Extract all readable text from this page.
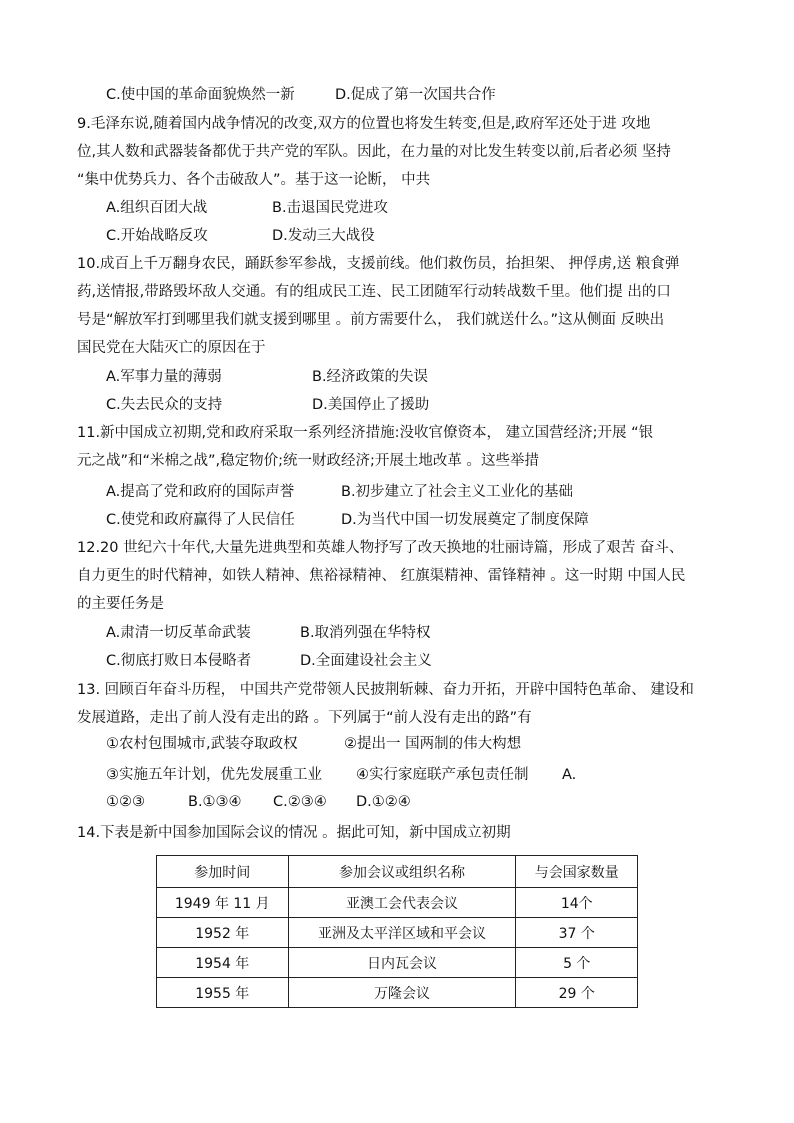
C.使中国的革命面貌焕然一新	D.促成了第一次国共合作
9.毛泽东说,随着国内战争情况的改变,双方的位置也将发生转变,但是,政府军还处于进 攻地
位,其人数和武器装备都优于共产党的军队。因此，在力量的对比发生转变以前,后者必须 坚持
“集中优势兵力、各个击破敌人”。基于这一论断， 中共
A.组织百团大战	B.击退国民党进攻
C.开始战略反攻	D.发动三大战役
10.成百上千万翻身农民，踊跃参军参战，支援前线。他们救伤员，抬担架、 押俘虏,送 粮食弹
药,送情报,带路毁坏敌人交通。有的组成民工连、民工团随军行动转战数千里。他们提 出的口
号是“解放军打到哪里我们就支援到哪里 。前方需要什么， 我们就送什么。”这从侧面 反映出
国民党在大陆灭亡的原因在于
A.军事力量的薄弱	B.经济政策的失误
C.失去民众的支持	D.美国停止了援助
11.新中国成立初期,党和政府采取一系列经济措施:没收官僚资本， 建立国营经济;开展 “银
元之战”和“米棉之战”,稳定物价;统一财政经济;开展土地改革 。这些举措
A.提高了党和政府的国际声誉	B.初步建立了社会主义工业化的基础
C.使党和政府赢得了人民信任	D.为当代中国一切发展奠定了制度保障
12.20 世纪六十年代,大量先进典型和英雄人物抒写了改天换地的壮丽诗篇，形成了艰苦 奋斗、
自力更生的时代精神，如铁人精神、焦裕禄精神、 红旗渠精神、雷锋精神 。这一时期 中国人民
的主要任务是
A.肃清一切反革命武装	B.取消列强在华特权
C.彻底打败日本侵略者	D.全面建设社会主义
13. 回顾百年奋斗历程， 中国共产党带领人民披荆斩棘、奋力开拓，开辟中国特色革命、 建设和
发展道路，走出了前人没有走出的路 。下列属于“前人没有走出的路”有
①农村包围城市,武装夺取政权	②提出一 国两制的伟大构想
③实施五年计划，优先发展重工业 ④实行家庭联产承包责任制 A.
①②③	B.①③④ C.②③④ D.①②④
14.下表是新中国参加国际会议的情况 。据此可知，新中国成立初期
参加时间	参加会议或组织名称	与会国家数量
1949 年 11 月	亚澳工会代表会议	14个
1952 年	亚洲及太平洋区域和平会议	37 个
1954 年	日内瓦会议	5 个
1955 年	万隆会议	29 个
